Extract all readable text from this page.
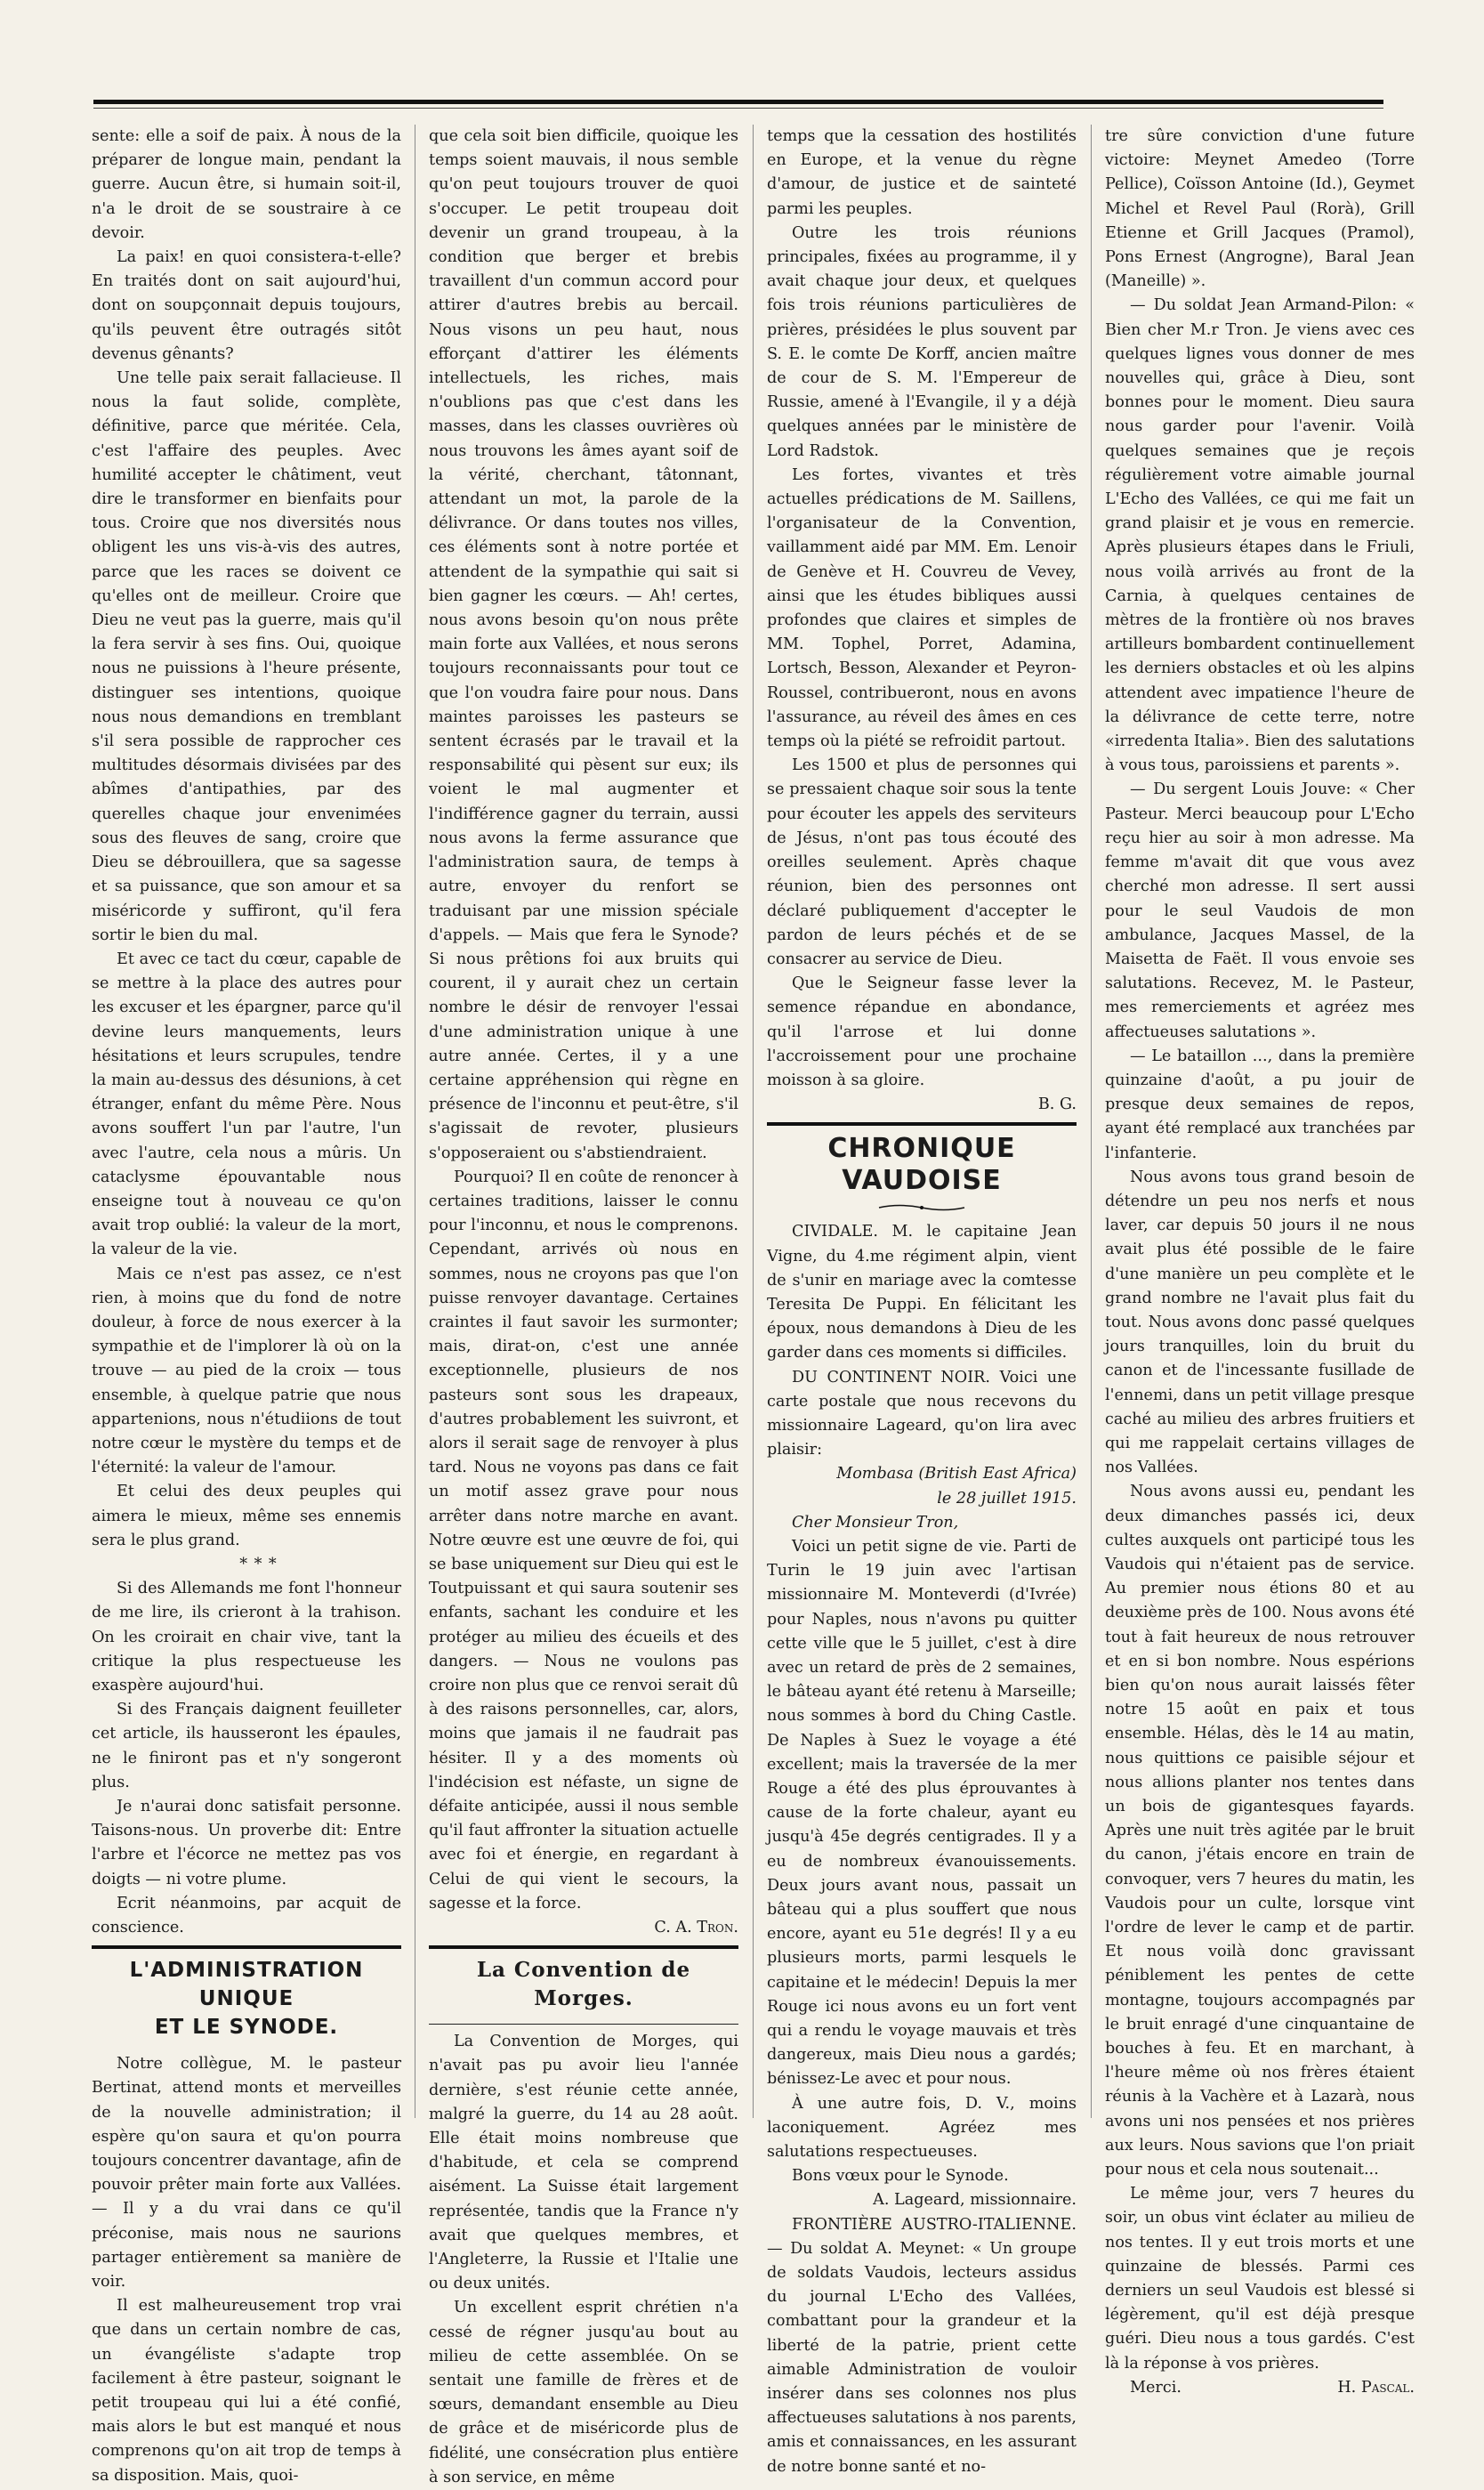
sente: elle a soif de paix. À nous de la préparer de longue main, pendant la guerre. Aucun être, si humain soit-il, n'a le droit de se soustraire à ce devoir.

La paix! en quoi consistera-t-elle? En traités dont on sait aujourd'hui, dont on soupçonnait depuis toujours, qu'ils peuvent être outragés sitôt devenus gênants?

Une telle paix serait fallacieuse. Il nous la faut solide, complète, définitive, parce que méritée. Cela, c'est l'affaire des peuples. Avec humilité accepter le châtiment, veut dire le transformer en bienfaits pour tous. Croire que nos diversités nous obligent les uns vis-à-vis des autres, parce que les races se doivent ce qu'elles ont de meilleur. Croire que Dieu ne veut pas la guerre, mais qu'il la fera servir à ses fins. Oui, quoique nous ne puissions à l'heure présente, distinguer ses intentions, quoique nous nous demandions en tremblant s'il sera possible de rapprocher ces multitudes désormais divisées par des abîmes d'antipathies, par des querelles chaque jour envenimées sous des fleuves de sang, croire que Dieu se débrouillera, que sa sagesse et sa puissance, que son amour et sa miséricorde y suffiront, qu'il fera sortir le bien du mal.

Et avec ce tact du cœur, capable de se mettre à la place des autres pour les excuser et les épargner, parce qu'il devine leurs manquements, leurs hésitations et leurs scrupules, tendre la main au-dessus des désunions, à cet étranger, enfant du même Père. Nous avons souffert l'un par l'autre, l'un avec l'autre, cela nous a mûris. Un cataclysme épouvantable nous enseigne tout à nouveau ce qu'on avait trop oublié: la valeur de la mort, la valeur de la vie.

Mais ce n'est pas assez, ce n'est rien, à moins que du fond de notre douleur, à force de nous exercer à la sympathie et de l'implorer là où on la trouve — au pied de la croix — tous ensemble, à quelque patrie que nous appartenions, nous n'étudiions de tout notre cœur le mystère du temps et de l'éternité: la valeur de l'amour.

Et celui des deux peuples qui aimera le mieux, même ses ennemis sera le plus grand.

* * *

Si des Allemands me font l'honneur de me lire, ils crieront à la trahison. On les croirait en chair vive, tant la critique la plus respectueuse les exaspère aujourd'hui.

Si des Français daignent feuilleter cet article, ils hausseront les épaules, ne le finiront pas et n'y songeront plus.

Je n'aurai donc satisfait personne. Taisons-nous. Un proverbe dit: Entre l'arbre et l'écorce ne mettez pas vos doigts — ni votre plume.

Ecrit néanmoins, par acquit de conscience.

L'ADMINISTRATION UNIQUE
ET LE SYNODE.

Notre collègue, M. le pasteur Bertinat, attend monts et merveilles de la nouvelle administration; il espère qu'on saura et qu'on pourra toujours concentrer davantage, afin de pouvoir prêter main forte aux Vallées. — Il y a du vrai dans ce qu'il préconise, mais nous ne saurions partager entièrement sa manière de voir.

Il est malheureusement trop vrai que dans un certain nombre de cas, un évangéliste s'adapte trop facilement à être pasteur, soignant le petit troupeau qui lui a été confié, mais alors le but est manqué et nous comprenons qu'on ait trop de temps à sa disposition. Mais, quoi-

que cela soit bien difficile, quoique les temps soient mauvais, il nous semble qu'on peut toujours trouver de quoi s'occuper. Le petit troupeau doit devenir un grand troupeau, à la condition que berger et brebis travaillent d'un commun accord pour attirer d'autres brebis au bercail. Nous visons un peu haut, nous efforçant d'attirer les éléments intellectuels, les riches, mais n'oublions pas que c'est dans les masses, dans les classes ouvrières où nous trouvons les âmes ayant soif de la vérité, cherchant, tâtonnant, attendant un mot, la parole de la délivrance. Or dans toutes nos villes, ces éléments sont à notre portée et attendent de la sympathie qui sait si bien gagner les cœurs. — Ah! certes, nous avons besoin qu'on nous prête main forte aux Vallées, et nous serons toujours reconnaissants pour tout ce que l'on voudra faire pour nous. Dans maintes paroisses les pasteurs se sentent écrasés par le travail et la responsabilité qui pèsent sur eux; ils voient le mal augmenter et l'indifférence gagner du terrain, aussi nous avons la ferme assurance que l'administration saura, de temps à autre, envoyer du renfort se traduisant par une mission spéciale d'appels. — Mais que fera le Synode? Si nous prêtions foi aux bruits qui courent, il y aurait chez un certain nombre le désir de renvoyer l'essai d'une administration unique à une autre année. Certes, il y a une certaine appréhension qui règne en présence de l'inconnu et peut-être, s'il s'agissait de revoter, plusieurs s'opposeraient ou s'abstiendraient.

Pourquoi? Il en coûte de renoncer à certaines traditions, laisser le connu pour l'inconnu, et nous le comprenons. Cependant, arrivés où nous en sommes, nous ne croyons pas que l'on puisse renvoyer davantage. Certaines craintes il faut savoir les surmonter; mais, dirat-on, c'est une année exceptionnelle, plusieurs de nos pasteurs sont sous les drapeaux, d'autres probablement les suivront, et alors il serait sage de renvoyer à plus tard. Nous ne voyons pas dans ce fait un motif assez grave pour nous arrêter dans notre marche en avant. Notre œuvre est une œuvre de foi, qui se base uniquement sur Dieu qui est le Toutpuissant et qui saura soutenir ses enfants, sachant les conduire et les protéger au milieu des écueils et des dangers. — Nous ne voulons pas croire non plus que ce renvoi serait dû à des raisons personnelles, car, alors, moins que jamais il ne faudrait pas hésiter. Il y a des moments où l'indécision est néfaste, un signe de défaite anticipée, aussi il nous semble qu'il faut affronter la situation actuelle avec foi et énergie, en regardant à Celui de qui vient le secours, la sagesse et la force.

C. A. Tron.

La Convention de Morges.

La Convention de Morges, qui n'avait pas pu avoir lieu l'année dernière, s'est réunie cette année, malgré la guerre, du 14 au 28 août. Elle était moins nombreuse que d'habitude, et cela se comprend aisément. La Suisse était largement représentée, tandis que la France n'y avait que quelques membres, et l'Angleterre, la Russie et l'Italie une ou deux unités.

Un excellent esprit chrétien n'a cessé de régner jusqu'au bout au milieu de cette assemblée. On se sentait une famille de frères et de sœurs, demandant ensemble au Dieu de grâce et de miséricorde plus de fidélité, une consécration plus entière à son service, en même

temps que la cessation des hostilités en Europe, et la venue du règne d'amour, de justice et de sainteté parmi les peuples.

Outre les trois réunions principales, fixées au programme, il y avait chaque jour deux, et quelques fois trois réunions particulières de prières, présidées le plus souvent par S. E. le comte De Korff, ancien maître de cour de S. M. l'Empereur de Russie, amené à l'Evangile, il y a déjà quelques années par le ministère de Lord Radstok.

Les fortes, vivantes et très actuelles prédications de M. Saillens, l'organisateur de la Convention, vaillamment aidé par MM. Em. Lenoir de Genève et H. Couvreu de Vevey, ainsi que les études bibliques aussi profondes que claires et simples de MM. Tophel, Porret, Adamina, Lortsch, Besson, Alexander et Peyron-Roussel, contribueront, nous en avons l'assurance, au réveil des âmes en ces temps où la piété se refroidit partout.

Les 1500 et plus de personnes qui se pressaient chaque soir sous la tente pour écouter les appels des serviteurs de Jésus, n'ont pas tous écouté des oreilles seulement. Après chaque réunion, bien des personnes ont déclaré publiquement d'accepter le pardon de leurs péchés et de se consacrer au service de Dieu.

Que le Seigneur fasse lever la semence répandue en abondance, qu'il l'arrose et lui donne l'accroissement pour une prochaine moisson à sa gloire.

B. G.

CHRONIQUE VAUDOISE

CIVIDALE. M. le capitaine Jean Vigne, du 4.me régiment alpin, vient de s'unir en mariage avec la comtesse Teresita De Puppi. En félicitant les époux, nous demandons à Dieu de les garder dans ces moments si difficiles.

DU CONTINENT NOIR. Voici une carte postale que nous recevons du missionnaire Lageard, qu'on lira avec plaisir:

Mombasa (British East Africa)

le 28 juillet 1915.

Cher Monsieur Tron,

Voici un petit signe de vie. Parti de Turin le 19 juin avec l'artisan missionnaire M. Monteverdi (d'Ivrée) pour Naples, nous n'avons pu quitter cette ville que le 5 juillet, c'est à dire avec un retard de près de 2 semaines, le bâteau ayant été retenu à Marseille; nous sommes à bord du Ching Castle. De Naples à Suez le voyage a été excellent; mais la traversée de la mer Rouge a été des plus éprouvantes à cause de la forte chaleur, ayant eu jusqu'à 45e degrés centigrades. Il y a eu de nombreux évanouissements. Deux jours avant nous, passait un bâteau qui a plus souffert que nous encore, ayant eu 51e degrés! Il y a eu plusieurs morts, parmi lesquels le capitaine et le médecin! Depuis la mer Rouge ici nous avons eu un fort vent qui a rendu le voyage mauvais et très dangereux, mais Dieu nous a gardés; bénissez-Le avec et pour nous.

À une autre fois, D. V., moins laconiquement. Agréez mes salutations respectueuses.

Bons vœux pour le Synode.

A. Lageard, missionnaire.

FRONTIÈRE AUSTRO-ITALIENNE. — Du soldat A. Meynet: « Un groupe de soldats Vaudois, lecteurs assidus du journal L'Echo des Vallées, combattant pour la grandeur et la liberté de la patrie, prient cette aimable Administration de vouloir insérer dans ses colonnes nos plus affectueuses salutations à nos parents, amis et connaissances, en les assurant de notre bonne santé et no-

tre sûre conviction d'une future victoire: Meynet Amedeo (Torre Pellice), Coïsson Antoine (Id.), Geymet Michel et Revel Paul (Rorà), Grill Etienne et Grill Jacques (Pramol), Pons Ernest (Angrogne), Baral Jean (Maneille) ».

— Du soldat Jean Armand-Pilon: « Bien cher M.r Tron. Je viens avec ces quelques lignes vous donner de mes nouvelles qui, grâce à Dieu, sont bonnes pour le moment. Dieu saura nous garder pour l'avenir. Voilà quelques semaines que je reçois régulièrement votre aimable journal L'Echo des Vallées, ce qui me fait un grand plaisir et je vous en remercie. Après plusieurs étapes dans le Friuli, nous voilà arrivés au front de la Carnia, à quelques centaines de mètres de la frontière où nos braves artilleurs bombardent continuellement les derniers obstacles et où les alpins attendent avec impatience l'heure de la délivrance de cette terre, notre «irredenta Italia». Bien des salutations à vous tous, paroissiens et parents ».

— Du sergent Louis Jouve: « Cher Pasteur. Merci beaucoup pour L'Echo reçu hier au soir à mon adresse. Ma femme m'avait dit que vous avez cherché mon adresse. Il sert aussi pour le seul Vaudois de mon ambulance, Jacques Massel, de la Maisetta de Faët. Il vous envoie ses salutations. Recevez, M. le Pasteur, mes remerciements et agréez mes affectueuses salutations ».

— Le bataillon ..., dans la première quinzaine d'août, a pu jouir de presque deux semaines de repos, ayant été remplacé aux tranchées par l'infanterie.

Nous avons tous grand besoin de détendre un peu nos nerfs et nous laver, car depuis 50 jours il ne nous avait plus été possible de le faire d'une manière un peu complète et le grand nombre ne l'avait plus fait du tout. Nous avons donc passé quelques jours tranquilles, loin du bruit du canon et de l'incessante fusillade de l'ennemi, dans un petit village presque caché au milieu des arbres fruitiers et qui me rappelait certains villages de nos Vallées.

Nous avons aussi eu, pendant les deux dimanches passés ici, deux cultes auxquels ont participé tous les Vaudois qui n'étaient pas de service. Au premier nous étions 80 et au deuxième près de 100. Nous avons été tout à fait heureux de nous retrouver et en si bon nombre. Nous espérions bien qu'on nous aurait laissés fêter notre 15 août en paix et tous ensemble. Hélas, dès le 14 au matin, nous quittions ce paisible séjour et nous allions planter nos tentes dans un bois de gigantesques fayards. Après une nuit très agitée par le bruit du canon, j'étais encore en train de convoquer, vers 7 heures du matin, les Vaudois pour un culte, lorsque vint l'ordre de lever le camp et de partir. Et nous voilà donc gravissant péniblement les pentes de cette montagne, toujours accompagnés par le bruit enragé d'une cinquantaine de bouches à feu. Et en marchant, à l'heure même où nos frères étaient réunis à la Vachère et à Lazarà, nous avons uni nos pensées et nos prières aux leurs. Nous savions que l'on priait pour nous et cela nous soutenait...

Le même jour, vers 7 heures du soir, un obus vint éclater au milieu de nos tentes. Il y eut trois morts et une quinzaine de blessés. Parmi ces derniers un seul Vaudois est blessé si légèrement, qu'il est déjà presque guéri. Dieu nous a tous gardés. C'est là la réponse à vos prières.

Merci.	H. Pascal.
